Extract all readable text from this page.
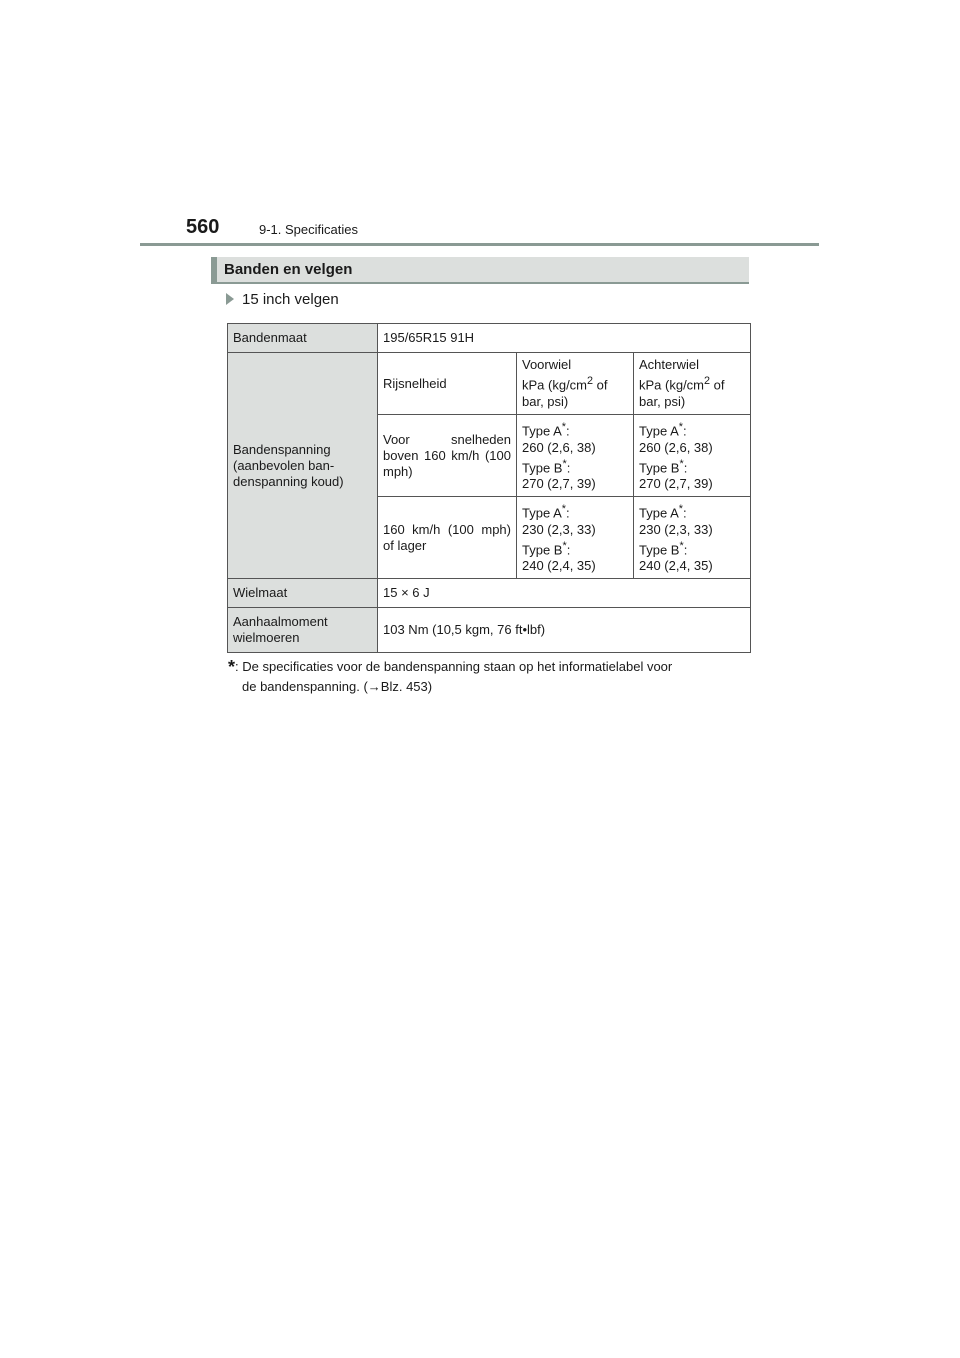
560	9-1. Specificaties
Banden en velgen
15 inch velgen
Bandenmaat	195/65R15 91H		
Bandenspanning
(aanbevolen ban-
denspanning koud)	Rijsnelheid	Voorwiel
kPa ($kg/cm^2$ of
bar, psi)	Achterwiel
kPa ($kg/cm^2$ of
bar, psi)
	Voor snelheden boven 160 km/h (100 mph)	Type A*:
260 (2,6, 38)
Type B*:
270 (2,7, 39)	Type A*:
260 (2,6, 38)
Type B*:
270 (2,7, 39)
	160 km/h (100 mph) of lager	Type A*:
230 (2,3, 33)
Type B*:
240 (2,4, 35)	Type A*:
230 (2,3, 33)
Type B*:
240 (2,4, 35)
Wielmaat	15 × 6 J		
Aanhaalmoment
wielmoeren	103 Nm (10,5 kgm, 76 ft•lbf)		
*: De specificaties voor de bandenspanning staan op het informatielabel voor
de bandenspanning. (→Blz. 453)
